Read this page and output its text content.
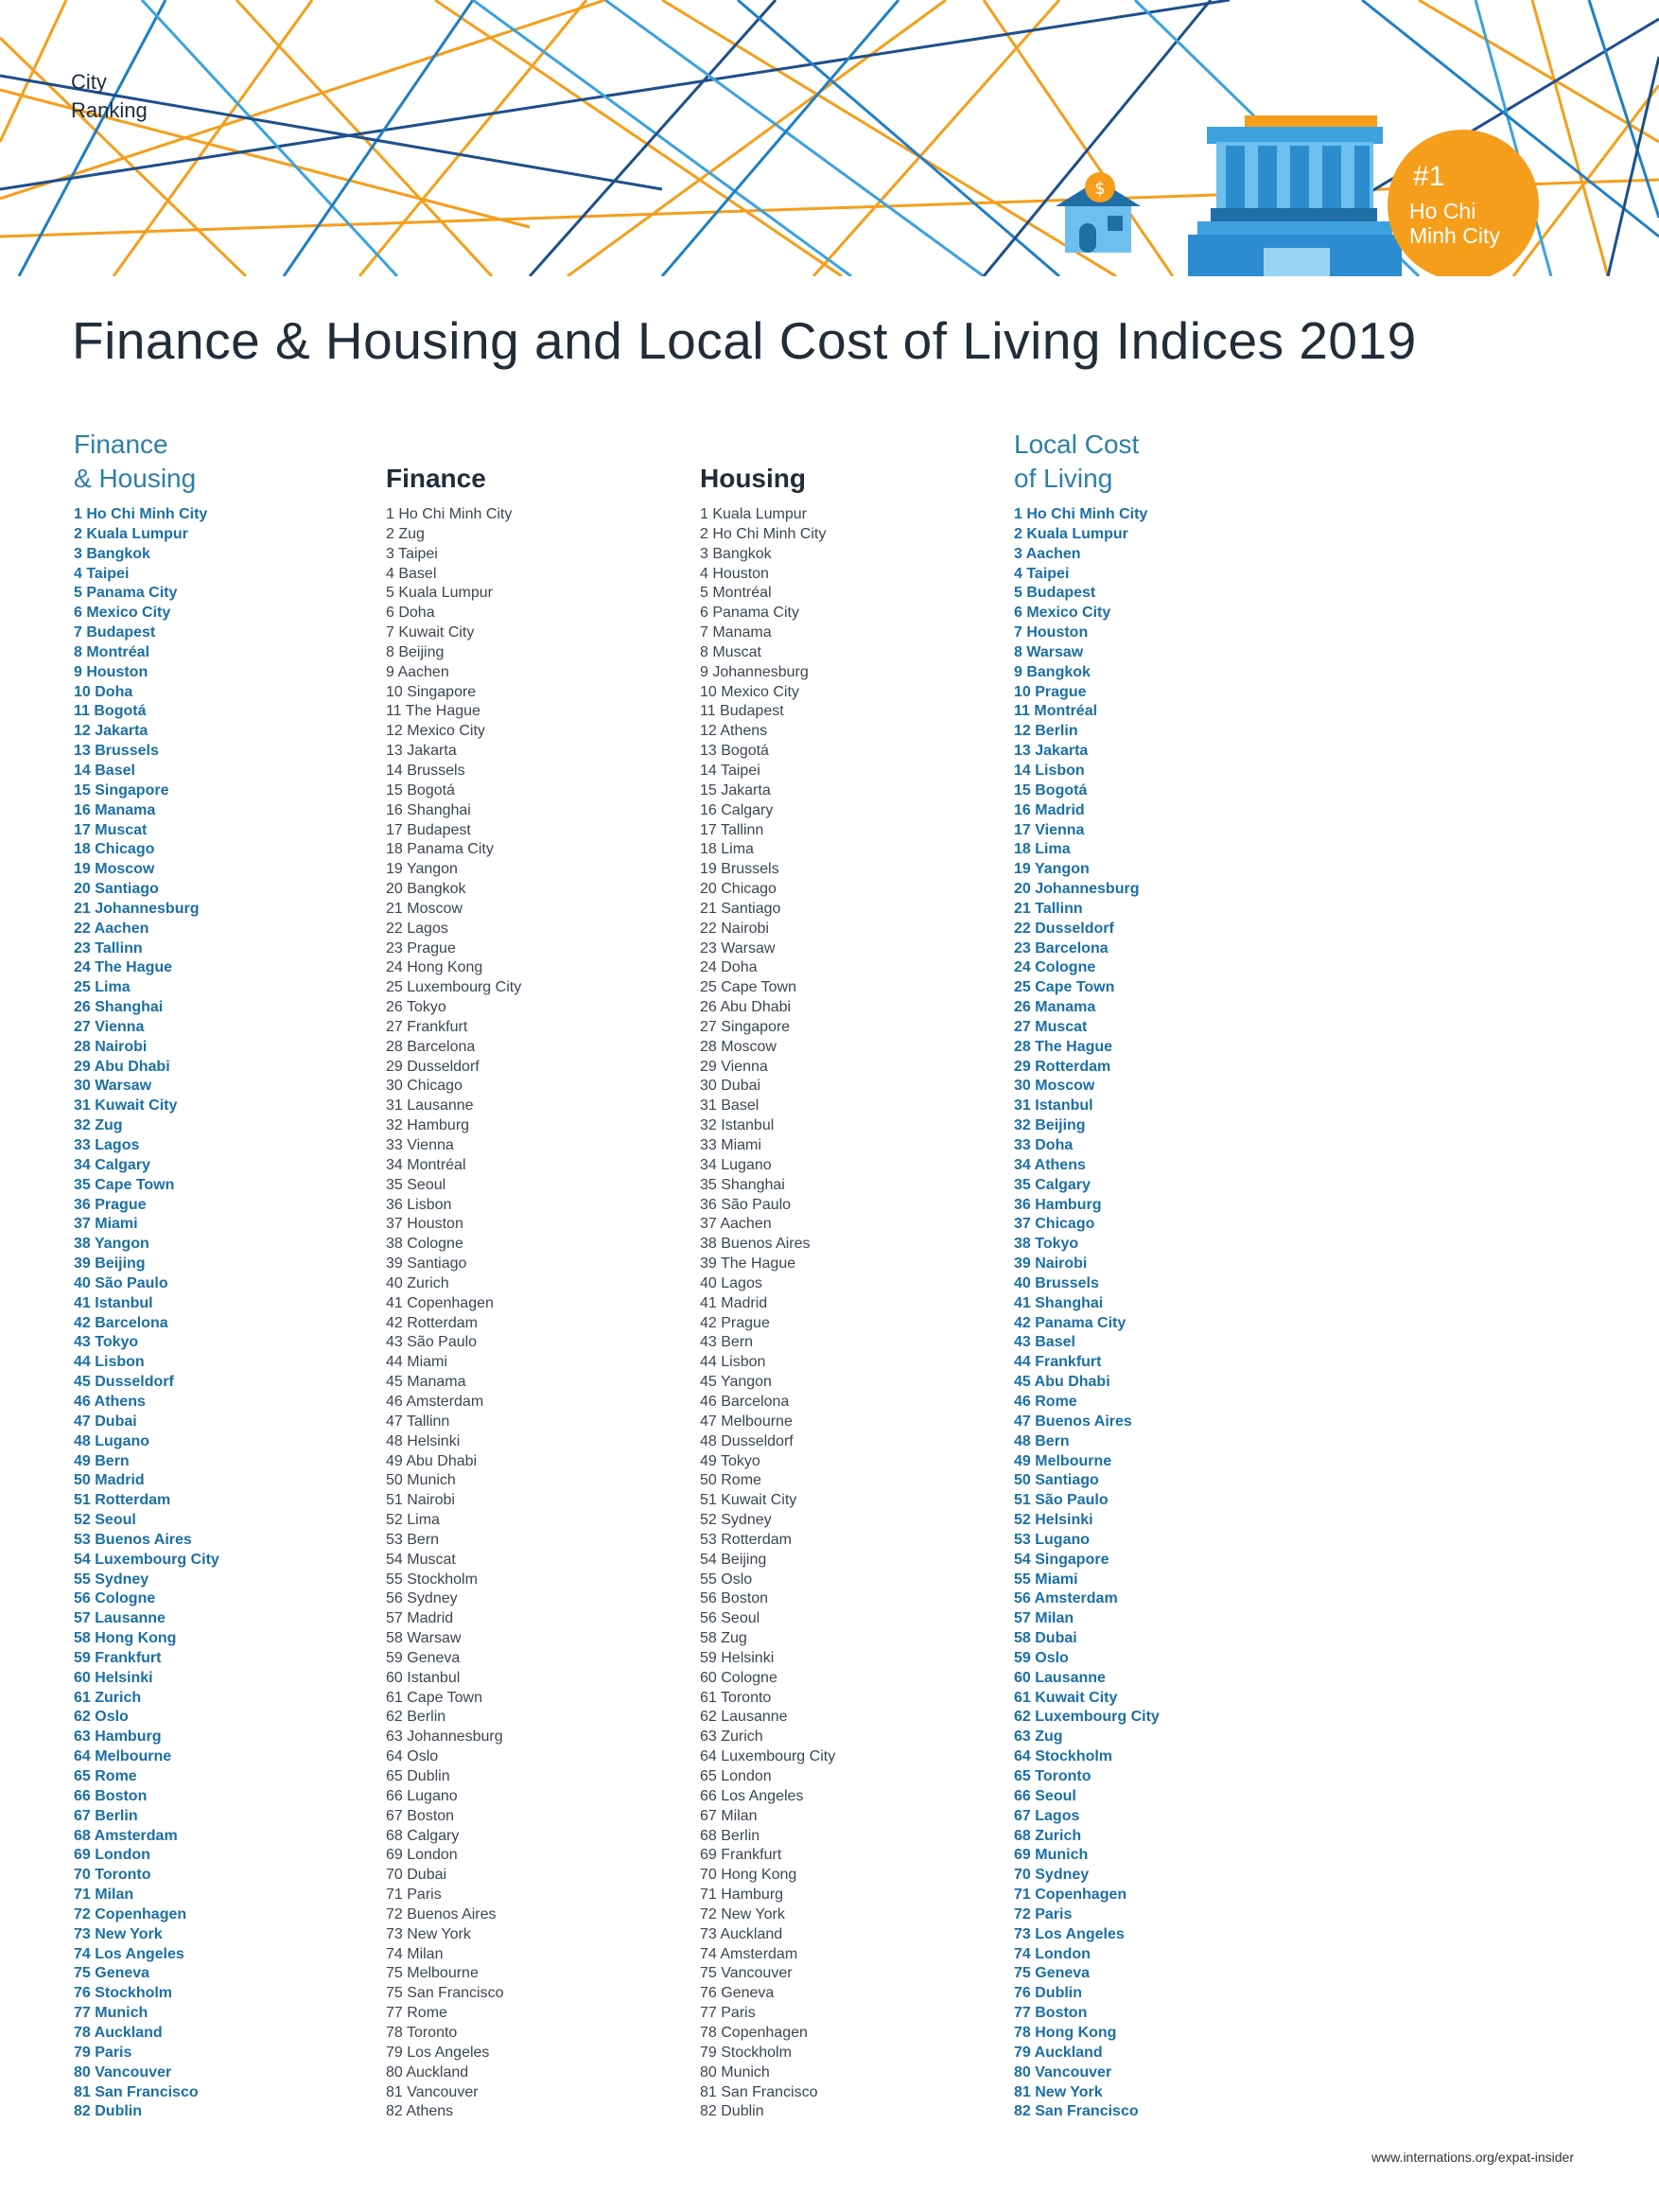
$
City
Ranking
#1
Ho Chi
Minh City
Finance & Housing and Local Cost of Living Indices 2019
Finance
& Housing
1 Ho Chi Minh City
2 Kuala Lumpur
3 Bangkok
4 Taipei
5 Panama City
6 Mexico City
7 Budapest
8 Montréal
9 Houston
10 Doha
11 Bogotá
12 Jakarta
13 Brussels
14 Basel
15 Singapore
16 Manama
17 Muscat
18 Chicago
19 Moscow
20 Santiago
21 Johannesburg
22 Aachen
23 Tallinn
24 The Hague
25 Lima
26 Shanghai
27 Vienna
28 Nairobi
29 Abu Dhabi
30 Warsaw
31 Kuwait City
32 Zug
33 Lagos
34 Calgary
35 Cape Town
36 Prague
37 Miami
38 Yangon
39 Beijing
40 São Paulo
41 Istanbul
42 Barcelona
43 Tokyo
44 Lisbon
45 Dusseldorf
46 Athens
47 Dubai
48 Lugano
49 Bern
50 Madrid
51 Rotterdam
52 Seoul
53 Buenos Aires
54 Luxembourg City
55 Sydney
56 Cologne
57 Lausanne
58 Hong Kong
59 Frankfurt
60 Helsinki
61 Zurich
62 Oslo
63 Hamburg
64 Melbourne
65 Rome
66 Boston
67 Berlin
68 Amsterdam
69 London
70 Toronto
71 Milan
72 Copenhagen
73 New York
74 Los Angeles
75 Geneva
76 Stockholm
77 Munich
78 Auckland
79 Paris
80 Vancouver
81 San Francisco
82 Dublin
Finance
1 Ho Chi Minh City
2 Zug
3 Taipei
4 Basel
5 Kuala Lumpur
6 Doha
7 Kuwait City
8 Beijing
9 Aachen
10 Singapore
11 The Hague
12 Mexico City
13 Jakarta
14 Brussels
15 Bogotá
16 Shanghai
17 Budapest
18 Panama City
19 Yangon
20 Bangkok
21 Moscow
22 Lagos
23 Prague
24 Hong Kong
25 Luxembourg City
26 Tokyo
27 Frankfurt
28 Barcelona
29 Dusseldorf
30 Chicago
31 Lausanne
32 Hamburg
33 Vienna
34 Montréal
35 Seoul
36 Lisbon
37 Houston
38 Cologne
39 Santiago
40 Zurich
41 Copenhagen
42 Rotterdam
43 São Paulo
44 Miami
45 Manama
46 Amsterdam
47 Tallinn
48 Helsinki
49 Abu Dhabi
50 Munich
51 Nairobi
52 Lima
53 Bern
54 Muscat
55 Stockholm
56 Sydney
57 Madrid
58 Warsaw
59 Geneva
60 Istanbul
61 Cape Town
62 Berlin
63 Johannesburg
64 Oslo
65 Dublin
66 Lugano
67 Boston
68 Calgary
69 London
70 Dubai
71 Paris
72 Buenos Aires
73 New York
74 Milan
75 Melbourne
75 San Francisco
77 Rome
78 Toronto
79 Los Angeles
80 Auckland
81 Vancouver
82 Athens
Housing
1 Kuala Lumpur
2 Ho Chi Minh City
3 Bangkok
4 Houston
5 Montréal
6 Panama City
7 Manama
8 Muscat
9 Johannesburg
10 Mexico City
11 Budapest
12 Athens
13 Bogotá
14 Taipei
15 Jakarta
16 Calgary
17 Tallinn
18 Lima
19 Brussels
20 Chicago
21 Santiago
22 Nairobi
23 Warsaw
24 Doha
25 Cape Town
26 Abu Dhabi
27 Singapore
28 Moscow
29 Vienna
30 Dubai
31 Basel
32 Istanbul
33 Miami
34 Lugano
35 Shanghai
36 São Paulo
37 Aachen
38 Buenos Aires
39 The Hague
40 Lagos
41 Madrid
42 Prague
43 Bern
44 Lisbon
45 Yangon
46 Barcelona
47 Melbourne
48 Dusseldorf
49 Tokyo
50 Rome
51 Kuwait City
52 Sydney
53 Rotterdam
54 Beijing
55 Oslo
56 Boston
56 Seoul
58 Zug
59 Helsinki
60 Cologne
61 Toronto
62 Lausanne
63 Zurich
64 Luxembourg City
65 London
66 Los Angeles
67 Milan
68 Berlin
69 Frankfurt
70 Hong Kong
71 Hamburg
72 New York
73 Auckland
74 Amsterdam
75 Vancouver
76 Geneva
77 Paris
78 Copenhagen
79 Stockholm
80 Munich
81 San Francisco
82 Dublin
Local Cost
of Living
1 Ho Chi Minh City
2 Kuala Lumpur
3 Aachen
4 Taipei
5 Budapest
6 Mexico City
7 Houston
8 Warsaw
9 Bangkok
10 Prague
11 Montréal
12 Berlin
13 Jakarta
14 Lisbon
15 Bogotá
16 Madrid
17 Vienna
18 Lima
19 Yangon
20 Johannesburg
21 Tallinn
22 Dusseldorf
23 Barcelona
24 Cologne
25 Cape Town
26 Manama
27 Muscat
28 The Hague
29 Rotterdam
30 Moscow
31 Istanbul
32 Beijing
33 Doha
34 Athens
35 Calgary
36 Hamburg
37 Chicago
38 Tokyo
39 Nairobi
40 Brussels
41 Shanghai
42 Panama City
43 Basel
44 Frankfurt
45 Abu Dhabi
46 Rome
47 Buenos Aires
48 Bern
49 Melbourne
50 Santiago
51 São Paulo
52 Helsinki
53 Lugano
54 Singapore
55 Miami
56 Amsterdam
57 Milan
58 Dubai
59 Oslo
60 Lausanne
61 Kuwait City
62 Luxembourg City
63 Zug
64 Stockholm
65 Toronto
66 Seoul
67 Lagos
68 Zurich
69 Munich
70 Sydney
71 Copenhagen
72 Paris
73 Los Angeles
74 London
75 Geneva
76 Dublin
77 Boston
78 Hong Kong
79 Auckland
80 Vancouver
81 New York
82 San Francisco
www.internations.org/expat-insider
